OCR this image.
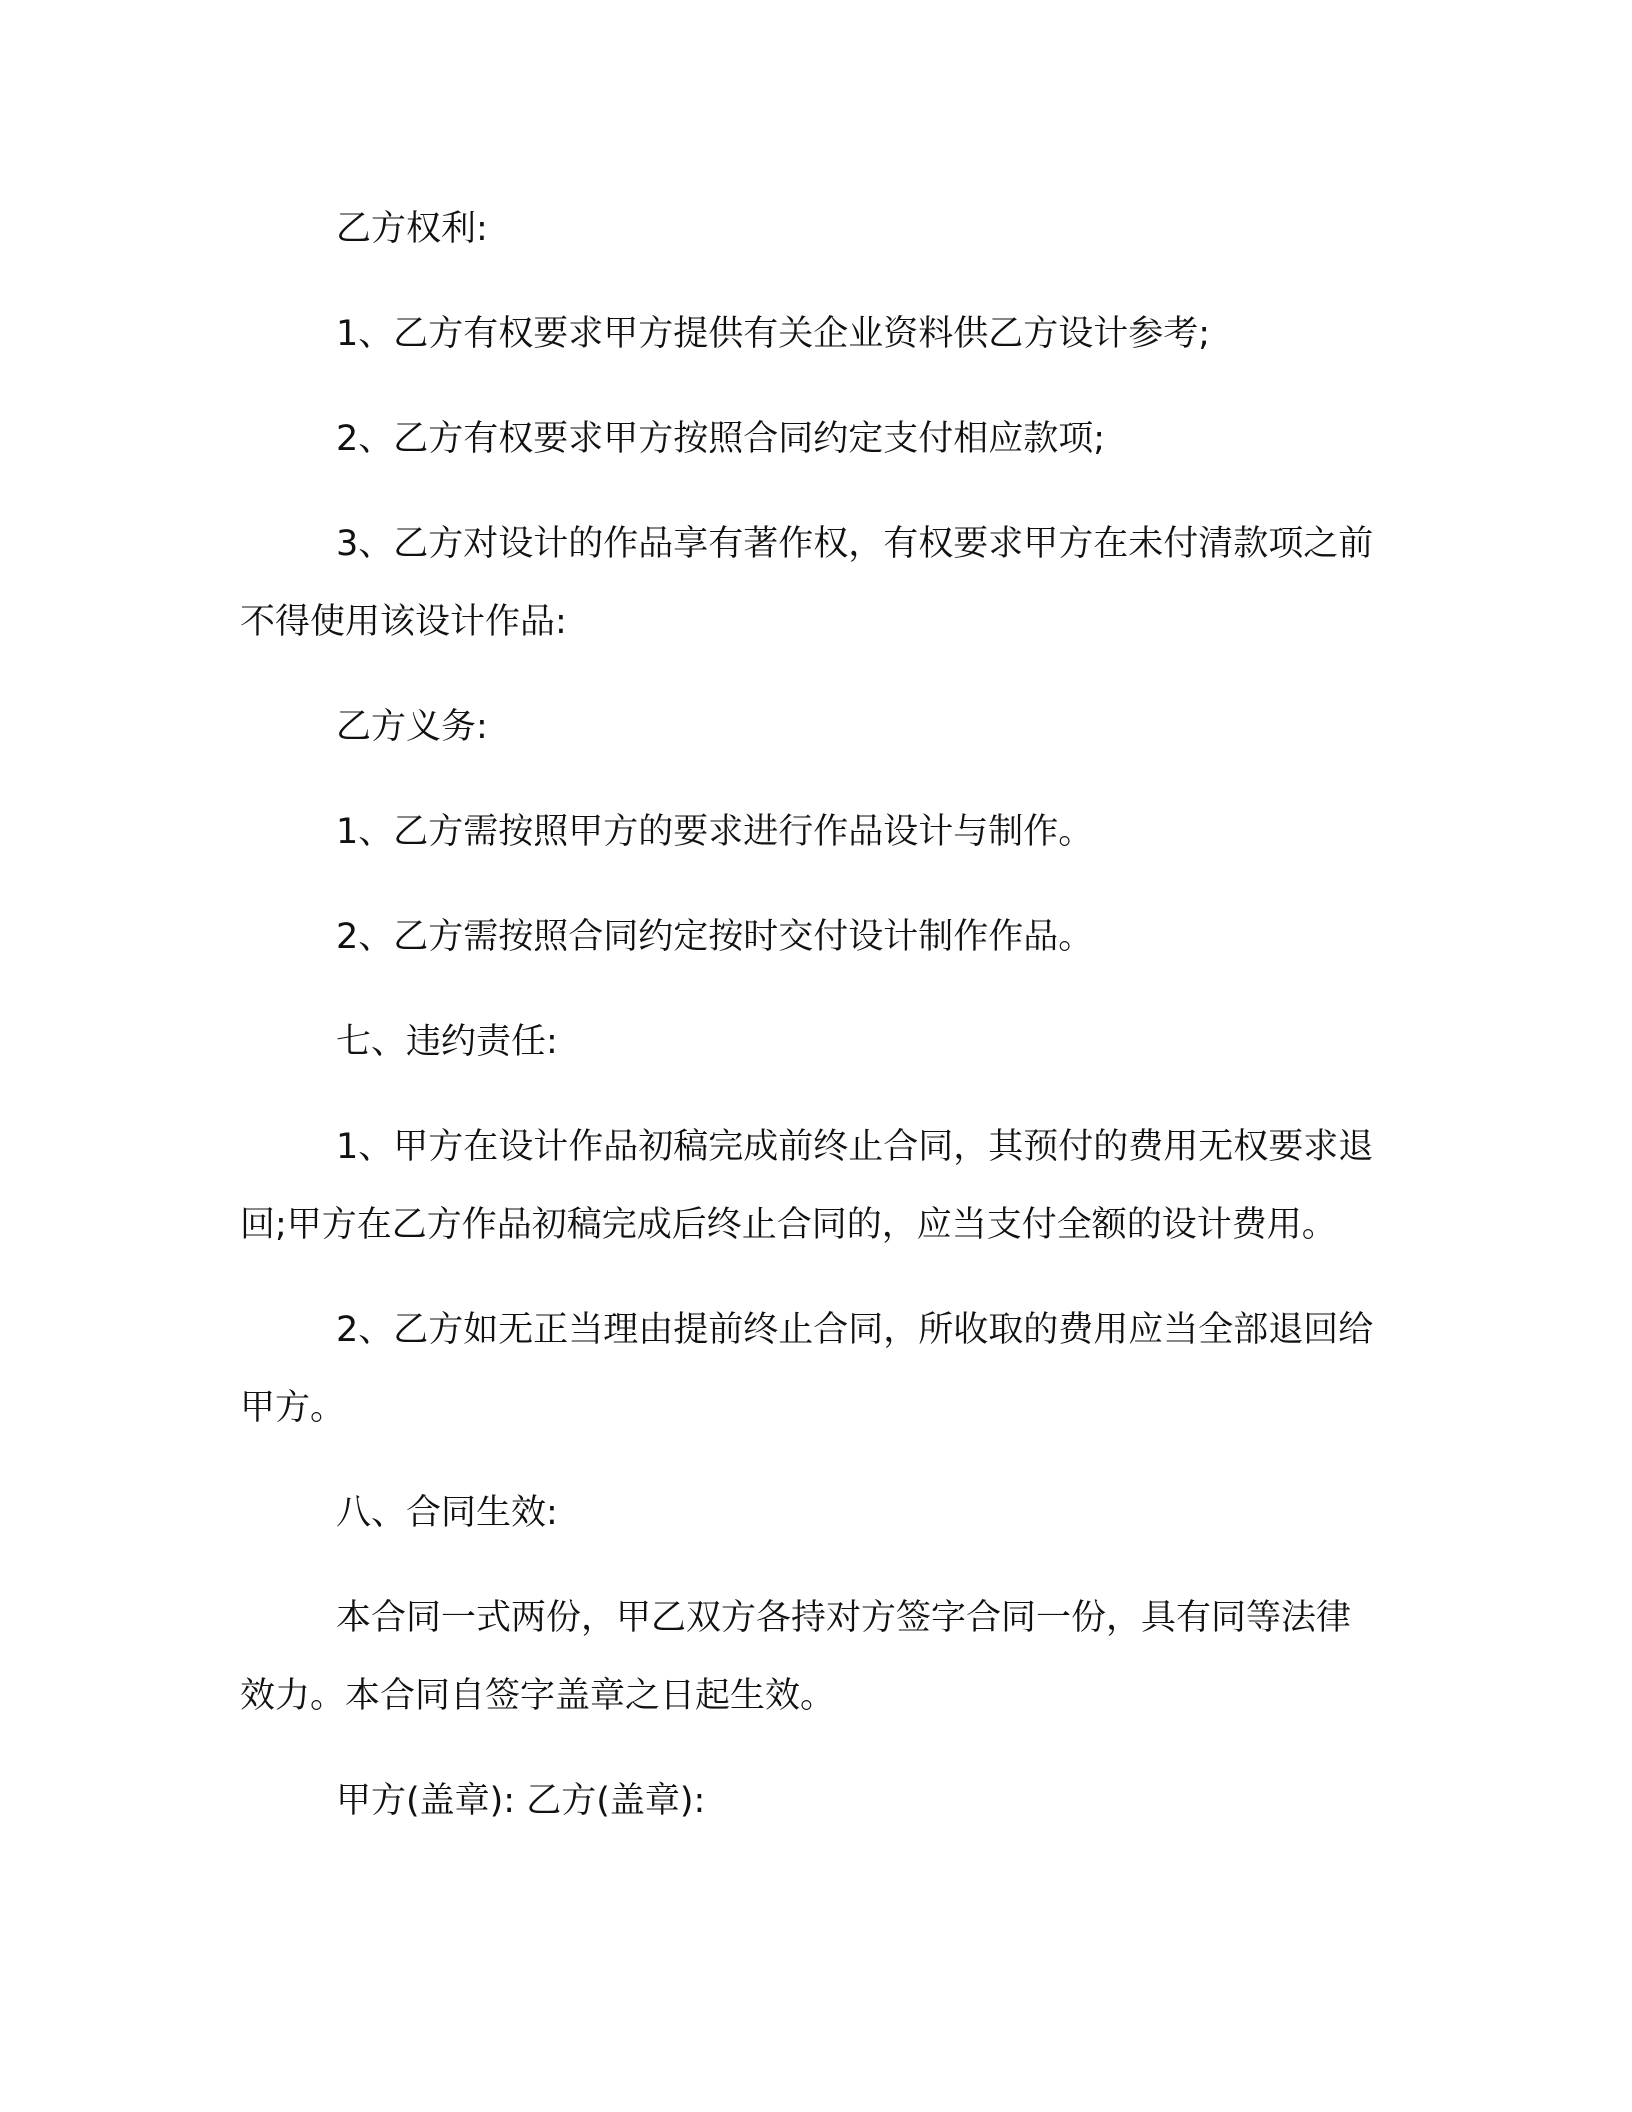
乙方权利:

1、乙方有权要求甲方提供有关企业资料供乙方设计参考;

2、乙方有权要求甲方按照合同约定支付相应款项;

3、乙方对设计的作品享有著作权，有权要求甲方在未付清款项之前不得使用该设计作品:

乙方义务:

1、乙方需按照甲方的要求进行作品设计与制作。

2、乙方需按照合同约定按时交付设计制作作品。

七、违约责任:

1、甲方在设计作品初稿完成前终止合同，其预付的费用无权要求退回;甲方在乙方作品初稿完成后终止合同的，应当支付全额的设计费用。

2、乙方如无正当理由提前终止合同，所收取的费用应当全部退回给甲方。

八、合同生效:

本合同一式两份，甲乙双方各持对方签字合同一份，具有同等法律效力。本合同自签字盖章之日起生效。

甲方(盖章): 乙方(盖章):
